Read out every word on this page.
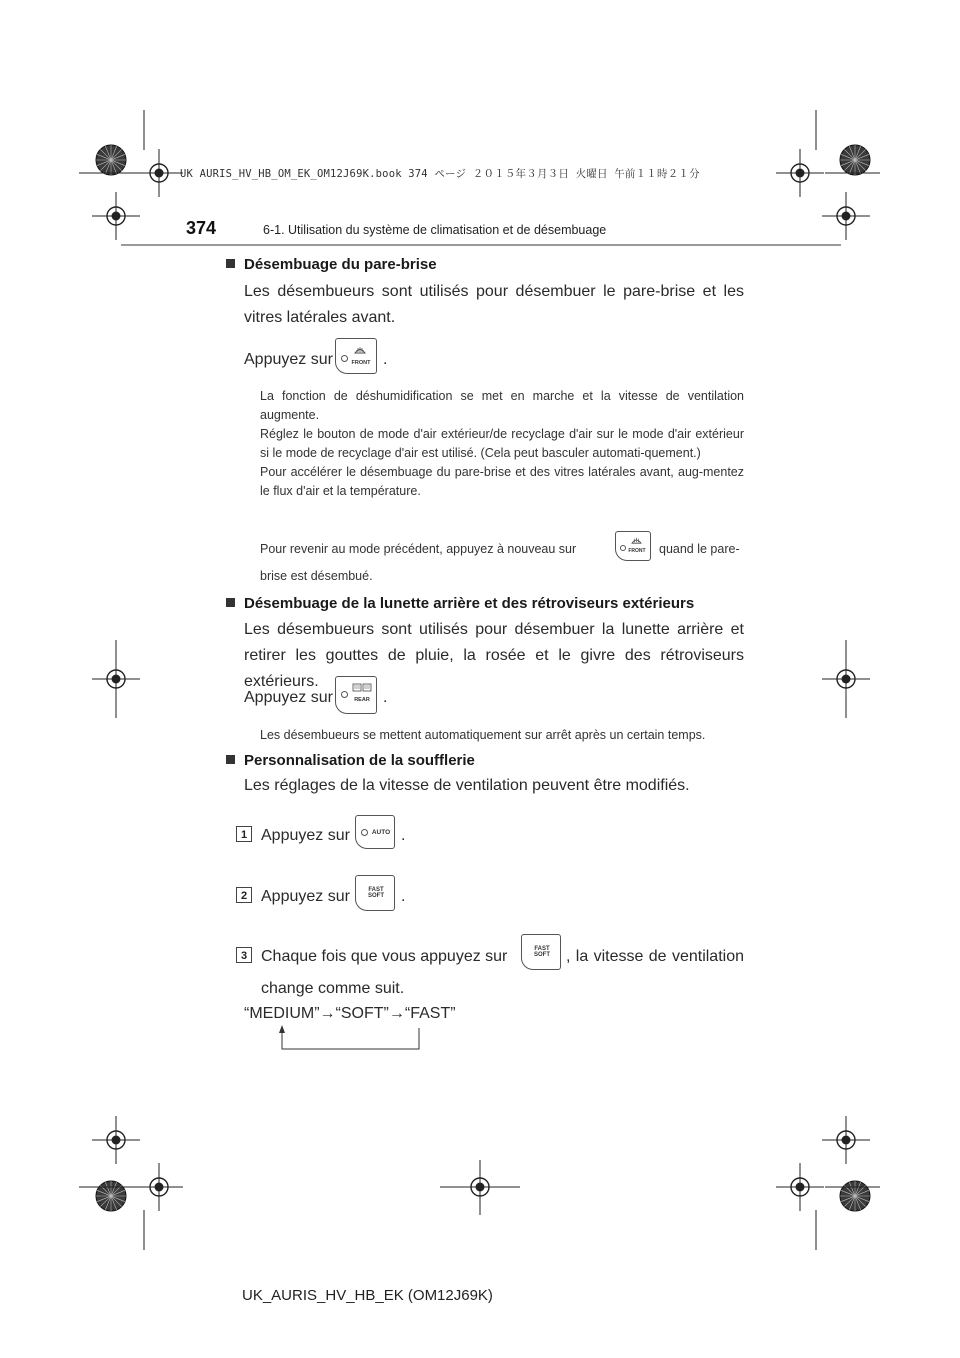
UK AURIS_HV_HB_OM_EK_OM12J69K.book 374 ページ ２０１５年３月３日 火曜日 午前１１時２１分
374	6-1. Utilisation du système de climatisation et de désembuage
Désembuage du pare-brise
Les désembueurs sont utilisés pour désembuer le pare-brise et les vitres latérales avant.
Appuyez sur	FRONT .
La fonction de déshumidification se met en marche et la vitesse de ventilation augmente.
Réglez le bouton de mode d'air extérieur/de recyclage d'air sur le mode d'air extérieur si le mode de recyclage d'air est utilisé. (Cela peut basculer automati-quement.)
Pour accélérer le désembuage du pare-brise et des vitres latérales avant, aug-mentez le flux d'air et la température.
Pour revenir au mode précédent, appuyez à nouveau sur	FRONT quand le pare-
brise est désembué.
Désembuage de la lunette arrière et des rétroviseurs extérieurs
Les désembueurs sont utilisés pour désembuer la lunette arrière et retirer les gouttes de pluie, la rosée et le givre des rétroviseurs extérieurs.
Appuyez sur	REAR .
Les désembueurs se mettent automatiquement sur arrêt après un certain temps.
Personnalisation de la soufflerie
Les réglages de la vitesse de ventilation peuvent être modifiés.
1 Appuyez sur	AUTO .
2 Appuyez sur	FAST SOFT .
3 Chaque fois que vous appuyez sur	FAST SOFT , la vitesse de ventilation
change comme suit.
“MEDIUM”→“SOFT”→“FAST”
UK_AURIS_HV_HB_EK (OM12J69K)
